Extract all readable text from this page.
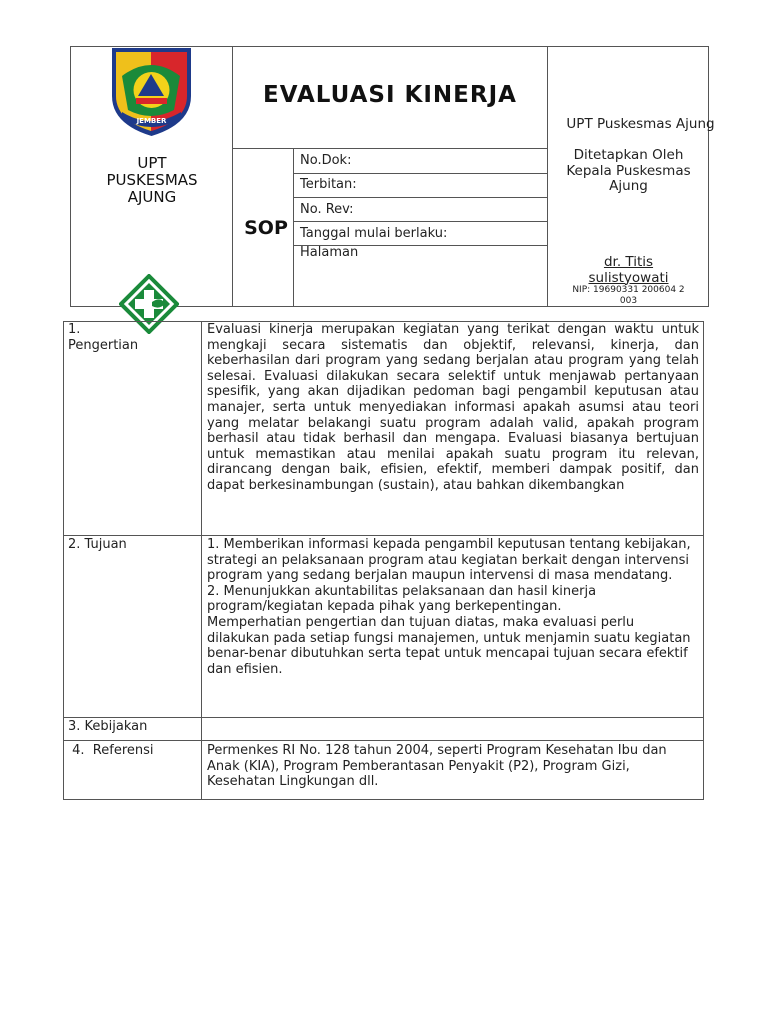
JEMBER
UPT
PUSKESMAS
AJUNG
EVALUASI KINERJA
SOP
No.Dok:
Terbitan:
No. Rev:
Tanggal mulai berlaku:
Halaman
UPT Puskesmas Ajung
Ditetapkan Oleh
Kepala Puskesmas
Ajung
dr. Titis
sulistyowati
NIP: 19690331 200604 2
003
1.
Pengertian
Evaluasi kinerja merupakan kegiatan yang terikat dengan waktu untuk mengkaji secara sistematis dan objektif, relevansi, kinerja, dan keberhasilan dari program yang sedang berjalan atau program yang telah selesai. Evaluasi dilakukan secara selektif untuk menjawab pertanyaan spesifik, yang akan dijadikan pedoman bagi pengambil keputusan atau manajer, serta untuk menyediakan informasi apakah asumsi atau teori yang melatar belakangi suatu program adalah valid, apakah program berhasil atau tidak berhasil dan mengapa. Evaluasi biasanya bertujuan untuk memastikan atau menilai apakah suatu program itu relevan, dirancang dengan baik, efisien, efektif, memberi dampak positif, dan dapat berkesinambungan (sustain), atau bahkan dikembangkan
2. Tujuan	1. Memberikan informasi kepada pengambil keputusan tentang kebijakan, strategi an pelaksanaan program atau kegiatan berkait dengan intervensi program yang sedang berjalan maupun intervensi di masa mendatang.

2. Menunjukkan akuntabilitas pelaksanaan dan hasil kinerja program/kegiatan kepada pihak yang berkepentingan.

Memperhatian pengertian dan tujuan diatas, maka evaluasi perlu dilakukan pada setiap fungsi manajemen, untuk menjamin suatu kegiatan benar-benar dibutuhkan serta tepat untuk mencapai tujuan secara efektif dan efisien.

3. Kebijakan
4.  Referensi	Permenkes RI No. 128 tahun 2004, seperti Program Kesehatan Ibu dan Anak (KIA), Program Pemberantasan Penyakit (P2), Program Gizi, Kesehatan Lingkungan dll.
